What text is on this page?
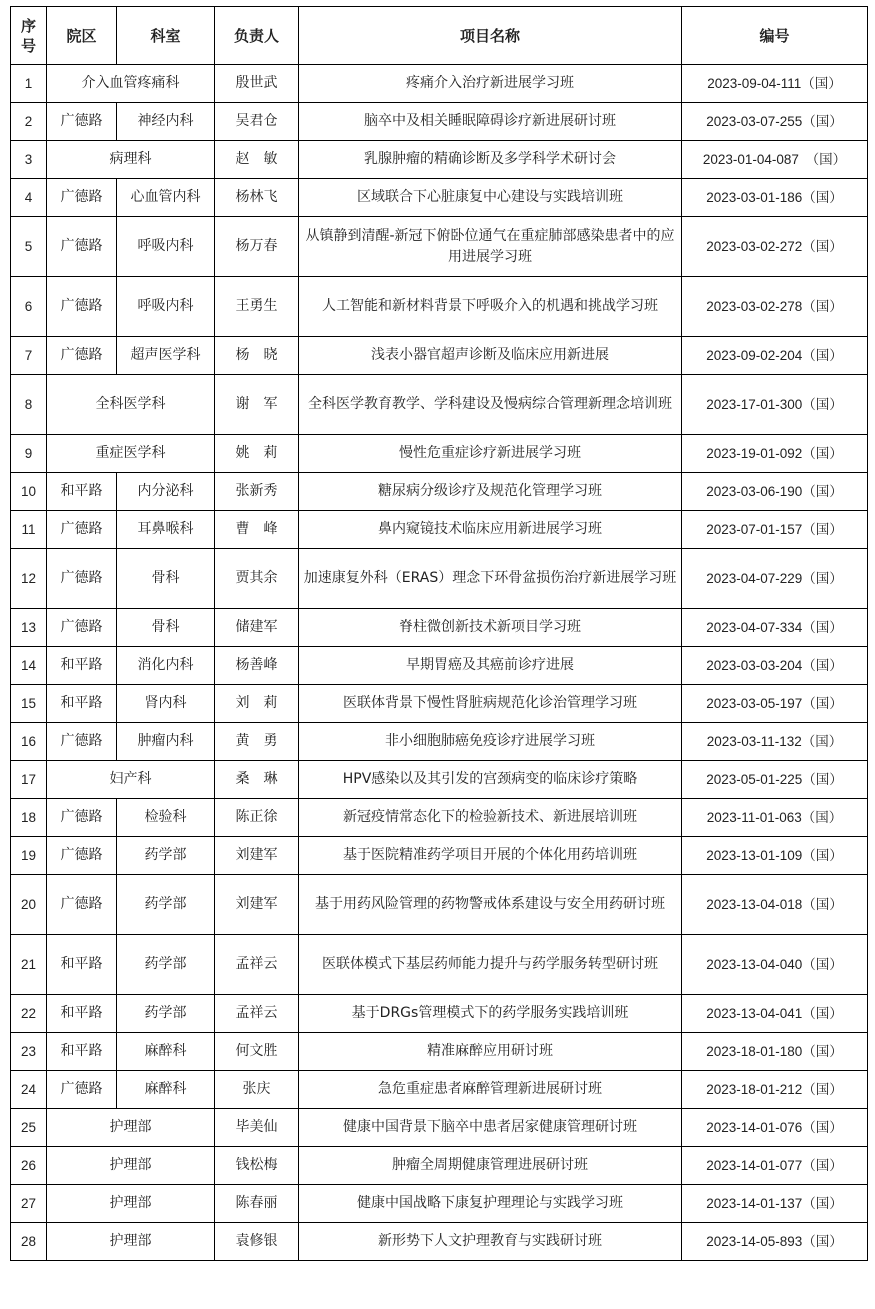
序号	院区	科室	负责人	项目名称	编号
1	介入血管疼痛科		殷世武	疼痛介入治疗新进展学习班	2023-09-04-111（国）
2	广德路	神经内科	吴君仓	脑卒中及相关睡眠障碍诊疗新进展研讨班	2023-03-07-255（国）
3	病理科		赵　敏	乳腺肿瘤的精确诊断及多学科学术研讨会	2023-01-04-087　（国）
4	广德路	心血管内科	杨林飞	区域联合下心脏康复中心建设与实践培训班	2023-03-01-186（国）
5	广德路	呼吸内科	杨万春	从镇静到清醒-新冠下俯卧位通气在重症肺部感染患者中的应用进展学习班	2023-03-02-272（国）
6	广德路	呼吸内科	王勇生	人工智能和新材料背景下呼吸介入的机遇和挑战学习班	2023-03-02-278（国）
7	广德路	超声医学科	杨　晓	浅表小器官超声诊断及临床应用新进展	2023-09-02-204（国）
8	全科医学科		谢　军	全科医学教育教学、学科建设及慢病综合管理新理念培训班	2023-17-01-300（国）
9	重症医学科		姚　莉	慢性危重症诊疗新进展学习班	2023-19-01-092（国）
10	和平路	内分泌科	张新秀	糖尿病分级诊疗及规范化管理学习班	2023-03-06-190（国）
11	广德路	耳鼻喉科	曹　峰	鼻内窥镜技术临床应用新进展学习班	2023-07-01-157（国）
12	广德路	骨科	贾其余	加速康复外科（ERAS）理念下环骨盆损伤治疗新进展学习班	2023-04-07-229（国）
13	广德路	骨科	储建军	脊柱微创新技术新项目学习班	2023-04-07-334（国）
14	和平路	消化内科	杨善峰	早期胃癌及其癌前诊疗进展	2023-03-03-204（国）
15	和平路	肾内科	刘　莉	医联体背景下慢性肾脏病规范化诊治管理学习班	2023-03-05-197（国）
16	广德路	肿瘤内科	黄　勇	非小细胞肺癌免疫诊疗进展学习班	2023-03-11-132（国）
17	妇产科		桑　琳	HPV感染以及其引发的宫颈病变的临床诊疗策略	2023-05-01-225（国）
18	广德路	检验科	陈正徐	新冠疫情常态化下的检验新技术、新进展培训班	2023-11-01-063（国）
19	广德路	药学部	刘建军	基于医院精准药学项目开展的个体化用药培训班	2023-13-01-109（国）
20	广德路	药学部	刘建军	基于用药风险管理的药物警戒体系建设与安全用药研讨班	2023-13-04-018（国）
21	和平路	药学部	孟祥云	医联体模式下基层药师能力提升与药学服务转型研讨班	2023-13-04-040（国）
22	和平路	药学部	孟祥云	基于DRGs管理模式下的药学服务实践培训班	2023-13-04-041（国）
23	和平路	麻醉科	何文胜	精准麻醉应用研讨班	2023-18-01-180（国）
24	广德路	麻醉科	张庆	急危重症患者麻醉管理新进展研讨班	2023-18-01-212（国）
25	护理部		毕美仙	健康中国背景下脑卒中患者居家健康管理研讨班	2023-14-01-076（国）
26	护理部		钱松梅	肿瘤全周期健康管理进展研讨班	2023-14-01-077（国）
27	护理部		陈春丽	健康中国战略下康复护理理论与实践学习班	2023-14-01-137（国）
28	护理部		袁修银	新形势下人文护理教育与实践研讨班	2023-14-05-893（国）
